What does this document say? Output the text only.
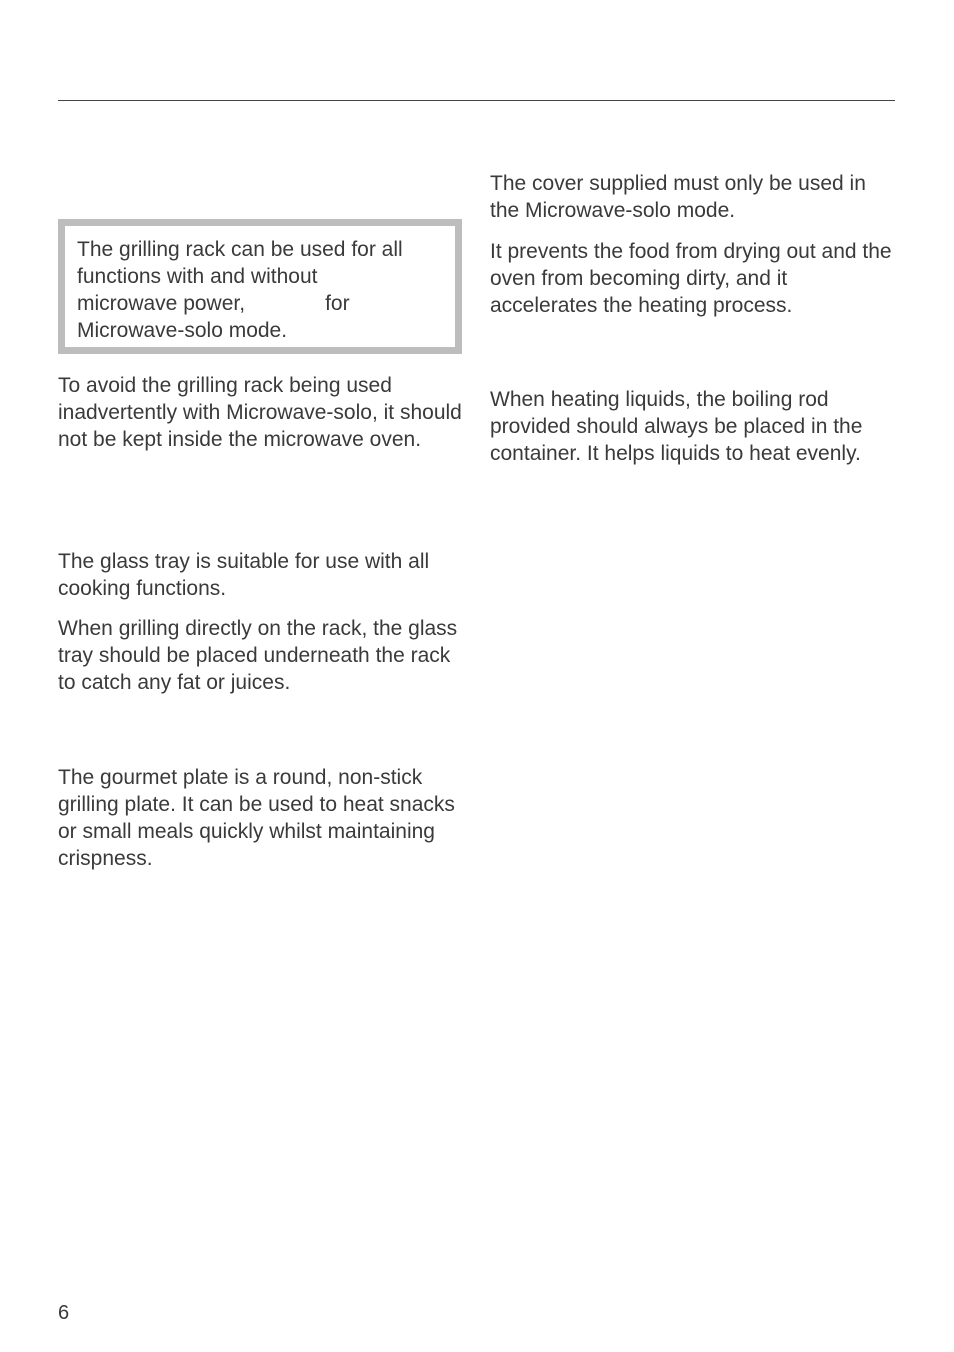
The grilling rack can be used for all
functions with and without
microwave power,	for
Microwave-solo mode.

To avoid the grilling rack being used inadvertently with Microwave-solo, it should not be kept inside the microwave oven.

The glass tray is suitable for use with all cooking functions.

When grilling directly on the rack, the glass tray should be placed underneath the rack to catch any fat or juices.

The gourmet plate is a round, non-stick grilling plate. It can be used to heat snacks or small meals quickly whilst maintaining crispness.

The cover supplied must only be used in the Microwave-solo mode.

It prevents the food from drying out and the oven from becoming dirty, and it accelerates the heating process.

When heating liquids, the boiling rod provided should always be placed in the container. It helps liquids to heat evenly.

6
